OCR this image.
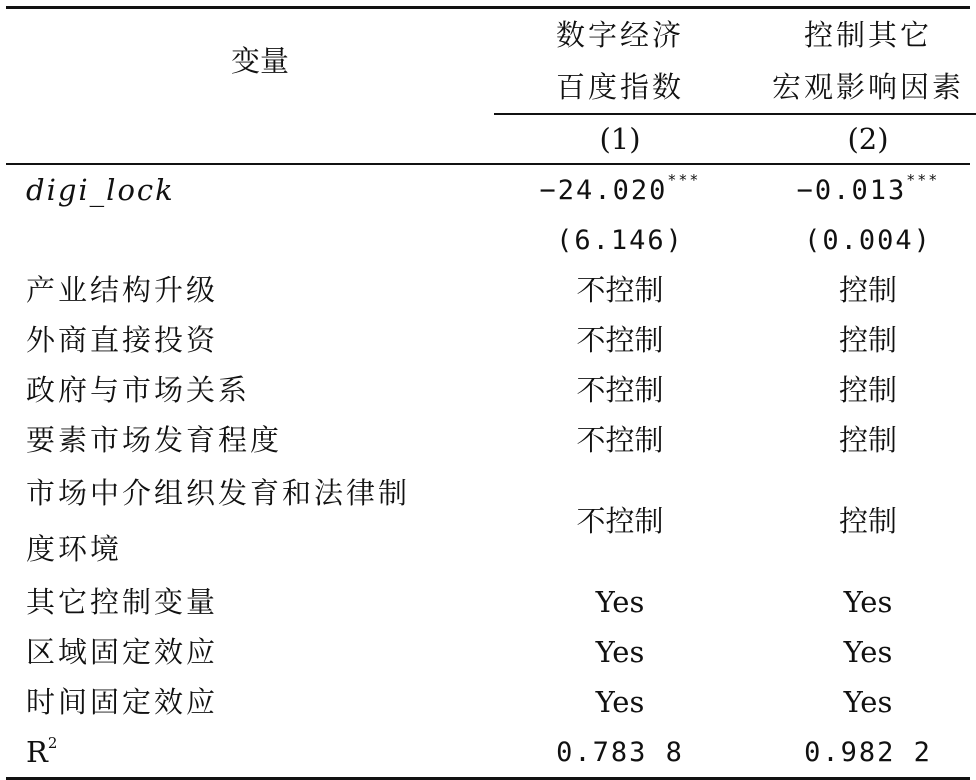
变量	数字经济	控制其它
	百度指数	宏观影响因素
	(1)	(2)
digi_lock	−24.020***	−0.013***
	(6.146)	(0.004)
产业结构升级	不控制	控制
外商直接投资	不控制	控制
政府与市场关系	不控制	控制
要素市场发育程度	不控制	控制

市场中介组织发育和法律制
度环境	不控制	控制
其它控制变量	Yes	Yes
区域固定效应	Yes	Yes
时间固定效应	Yes	Yes
$R^2$	0.783 8	0.982 2
